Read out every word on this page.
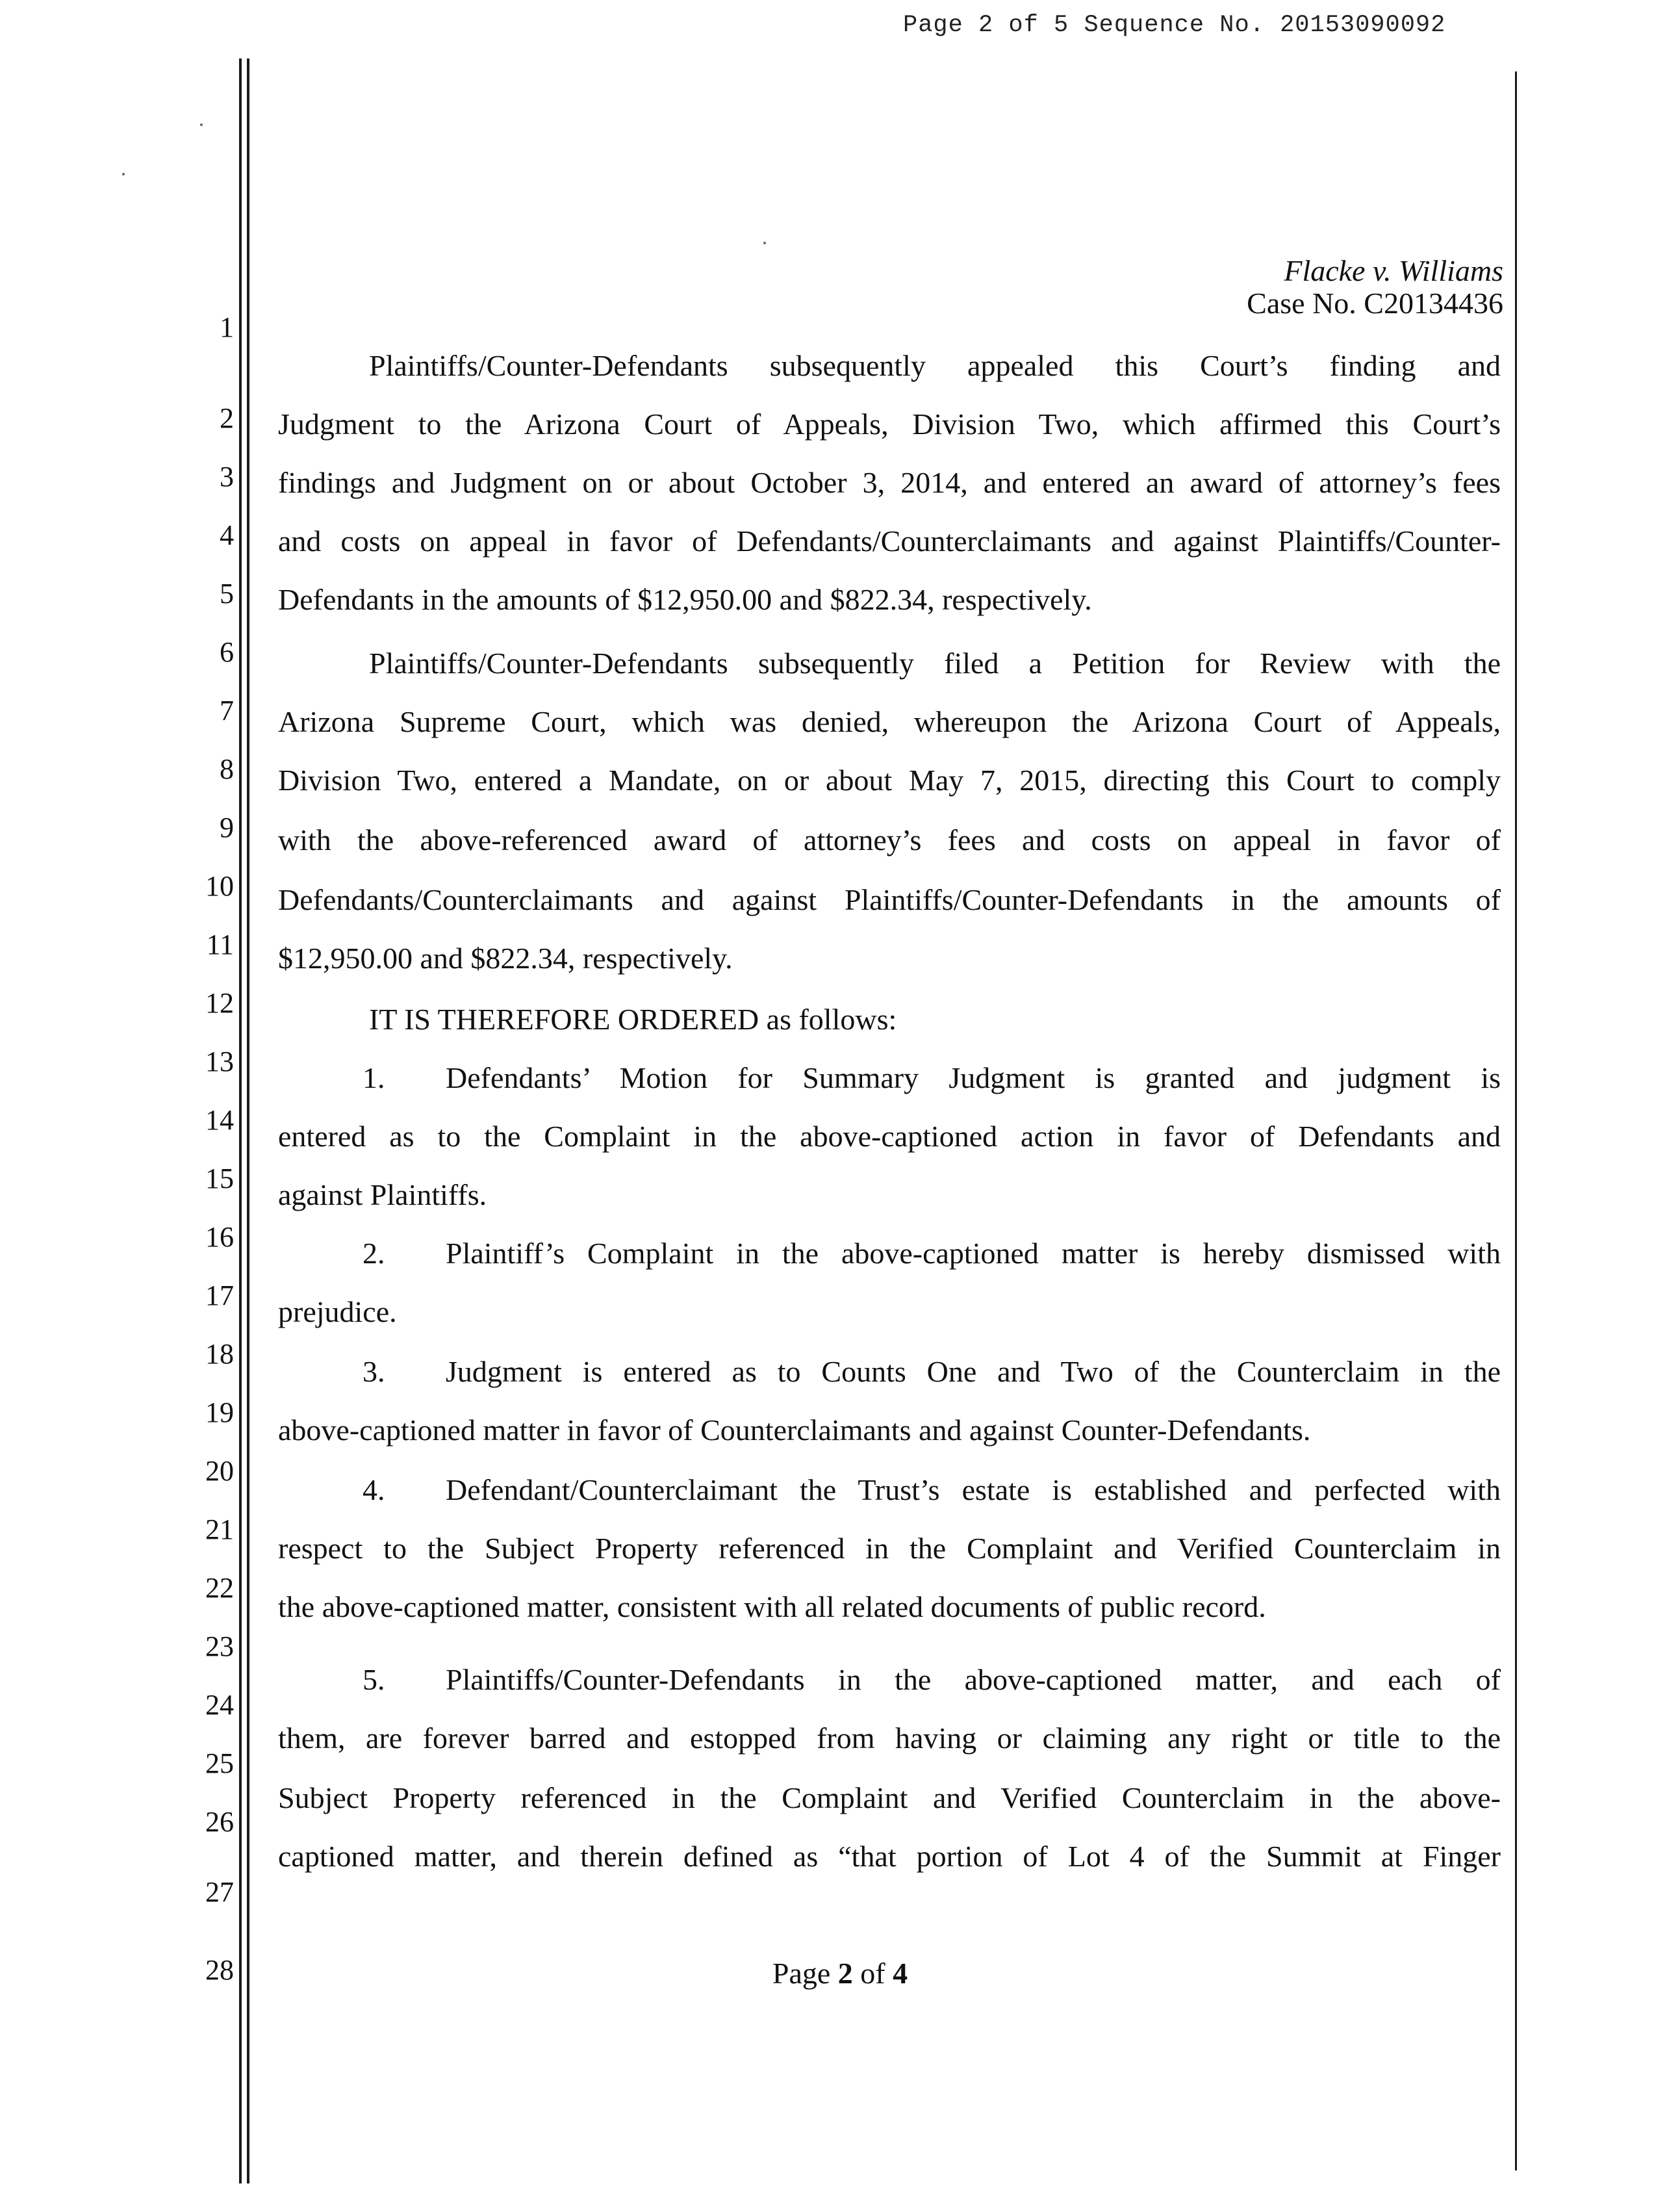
Page 2 of 5 Sequence No. 20153090092
Flacke v. Williams
Case No. C20134436
1
2
3
4
5
6
7
8
9
10
11
12
13
14
15
16
17
18
19
20
21
22
23
24
25
26
27
28
Plaintiffs/Counter-Defendants subsequently appealed this Court’s finding and
Judgment to the Arizona Court of Appeals, Division Two, which affirmed this Court’s
findings and Judgment on or about October 3, 2014, and entered an award of attorney’s fees
and costs on appeal in favor of Defendants/Counterclaimants and against Plaintiffs/Counter-
Defendants in the amounts of $12,950.00 and $822.34, respectively.
Plaintiffs/Counter-Defendants subsequently filed a Petition for Review with the
Arizona Supreme Court, which was denied, whereupon the Arizona Court of Appeals,
Division Two, entered a Mandate, on or about May 7, 2015, directing this Court to comply
with the above-referenced award of attorney’s fees and costs on appeal in favor of
Defendants/Counterclaimants and against Plaintiffs/Counter-Defendants in the amounts of
$12,950.00 and $822.34, respectively.
IT IS THEREFORE ORDERED as follows:
1. Defendants’ Motion for Summary Judgment is granted and judgment is
entered as to the Complaint in the above-captioned action in favor of Defendants and
against Plaintiffs.
2. Plaintiff’s Complaint in the above-captioned matter is hereby dismissed with
prejudice.
3. Judgment is entered as to Counts One and Two of the Counterclaim in the
above-captioned matter in favor of Counterclaimants and against Counter-Defendants.
4. Defendant/Counterclaimant the Trust’s estate is established and perfected with
respect to the Subject Property referenced in the Complaint and Verified Counterclaim in
the above-captioned matter, consistent with all related documents of public record.
5. Plaintiffs/Counter-Defendants in the above-captioned matter, and each of
them, are forever barred and estopped from having or claiming any right or title to the
Subject Property referenced in the Complaint and Verified Counterclaim in the above-
captioned matter, and therein defined as “that portion of Lot 4 of the Summit at Finger
Page 2 of 4
